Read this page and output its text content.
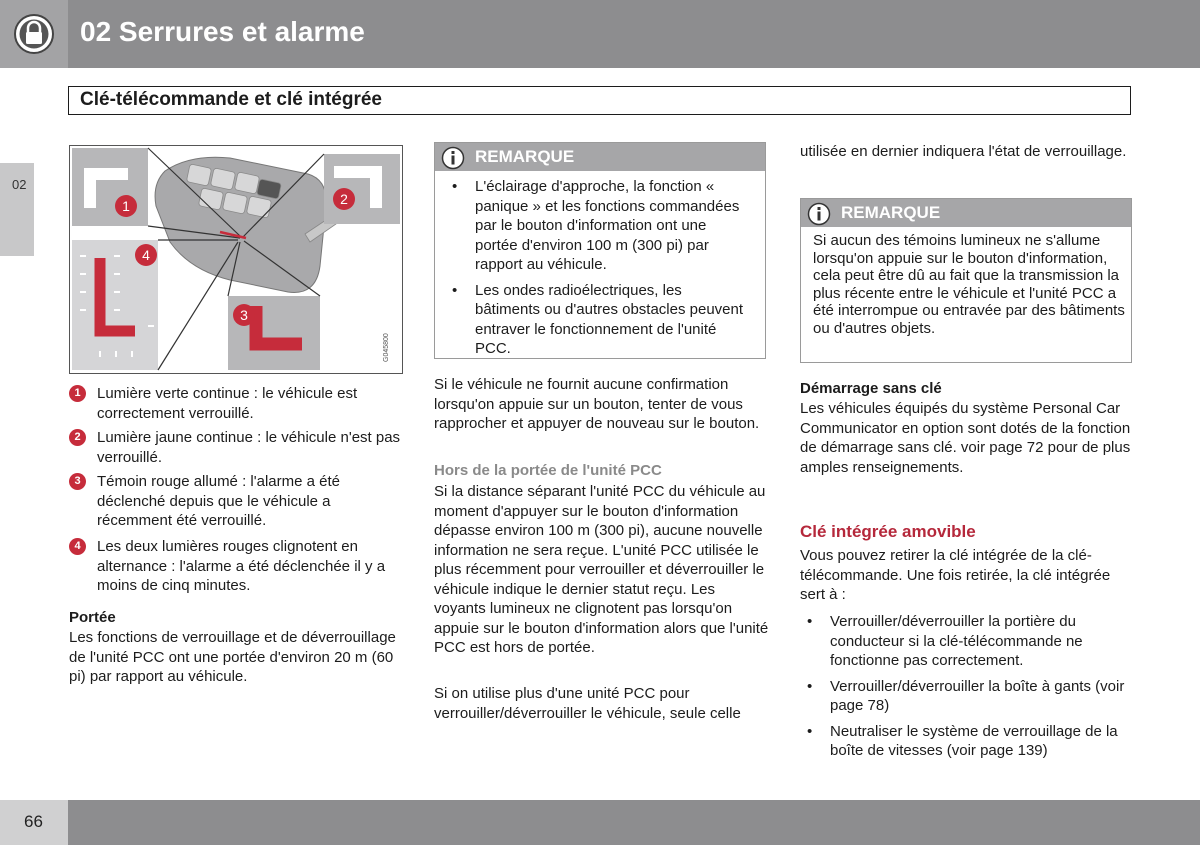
02 Serrures et alarme
Clé-télécommande et clé intégrée
02
1	2
3
4
G045800
1	Lumière verte continue : le véhicule est correctement verrouillé.
2	Lumière jaune continue : le véhicule n'est pas verrouillé.
3	Témoin rouge allumé : l'alarme a été déclenché depuis que le véhicule a récemment été verrouillé.
4	Les deux lumières rouges clignotent en alternance : l'alarme a été déclenchée il y a moins de cinq minutes.
Portée
Les fonctions de verrouillage et de déverrouillage de l'unité PCC ont une portée d'environ 20 m (60 pi) par rapport au véhicule.
REMARQUE
• L'éclairage d'approche, la fonction « panique » et les fonctions commandées par le bouton d'information ont une portée d'environ 100 m (300 pi) par rapport au véhicule.
• Les ondes radioélectriques, les bâtiments ou d'autres obstacles peuvent entraver le fonctionnement de l'unité PCC.
Si le véhicule ne fournit aucune confirmation lorsqu'on appuie sur un bouton, tenter de vous rapprocher et appuyer de nouveau sur le bouton.
Hors de la portée de l'unité PCC
Si la distance séparant l'unité PCC du véhicule au moment d'appuyer sur le bouton d'information dépasse environ 100 m (300 pi), aucune nouvelle information ne sera reçue. L'unité PCC utilisée le plus récemment pour verrouiller et déverrouiller le véhicule indique le dernier statut reçu. Les voyants lumineux ne clignotent pas lorsqu'on appuie sur le bouton d'information alors que l'unité PCC est hors de portée.
Si on utilise plus d'une unité PCC pour verrouiller/déverrouiller le véhicule, seule celle
utilisée en dernier indiquera l'état de verrouillage.
REMARQUE
Si aucun des témoins lumineux ne s'allume lorsqu'on appuie sur le bouton d'information, cela peut être dû au fait que la transmission la plus récente entre le véhicule et l'unité PCC a été interrompue ou entravée par des bâtiments ou d'autres objets.
Démarrage sans clé
Les véhicules équipés du système Personal Car Communicator en option sont dotés de la fonction de démarrage sans clé. voir page 72 pour de plus amples renseignements.
Clé intégrée amovible
Vous pouvez retirer la clé intégrée de la clé-télécommande. Une fois retirée, la clé intégrée sert à :
• Verrouiller/déverrouiller la portière du conducteur si la clé-télécommande ne fonctionne pas correctement.
• Verrouiller/déverrouiller la boîte à gants (voir page 78)
• Neutraliser le système de verrouillage de la boîte de vitesses (voir page 139)
66
